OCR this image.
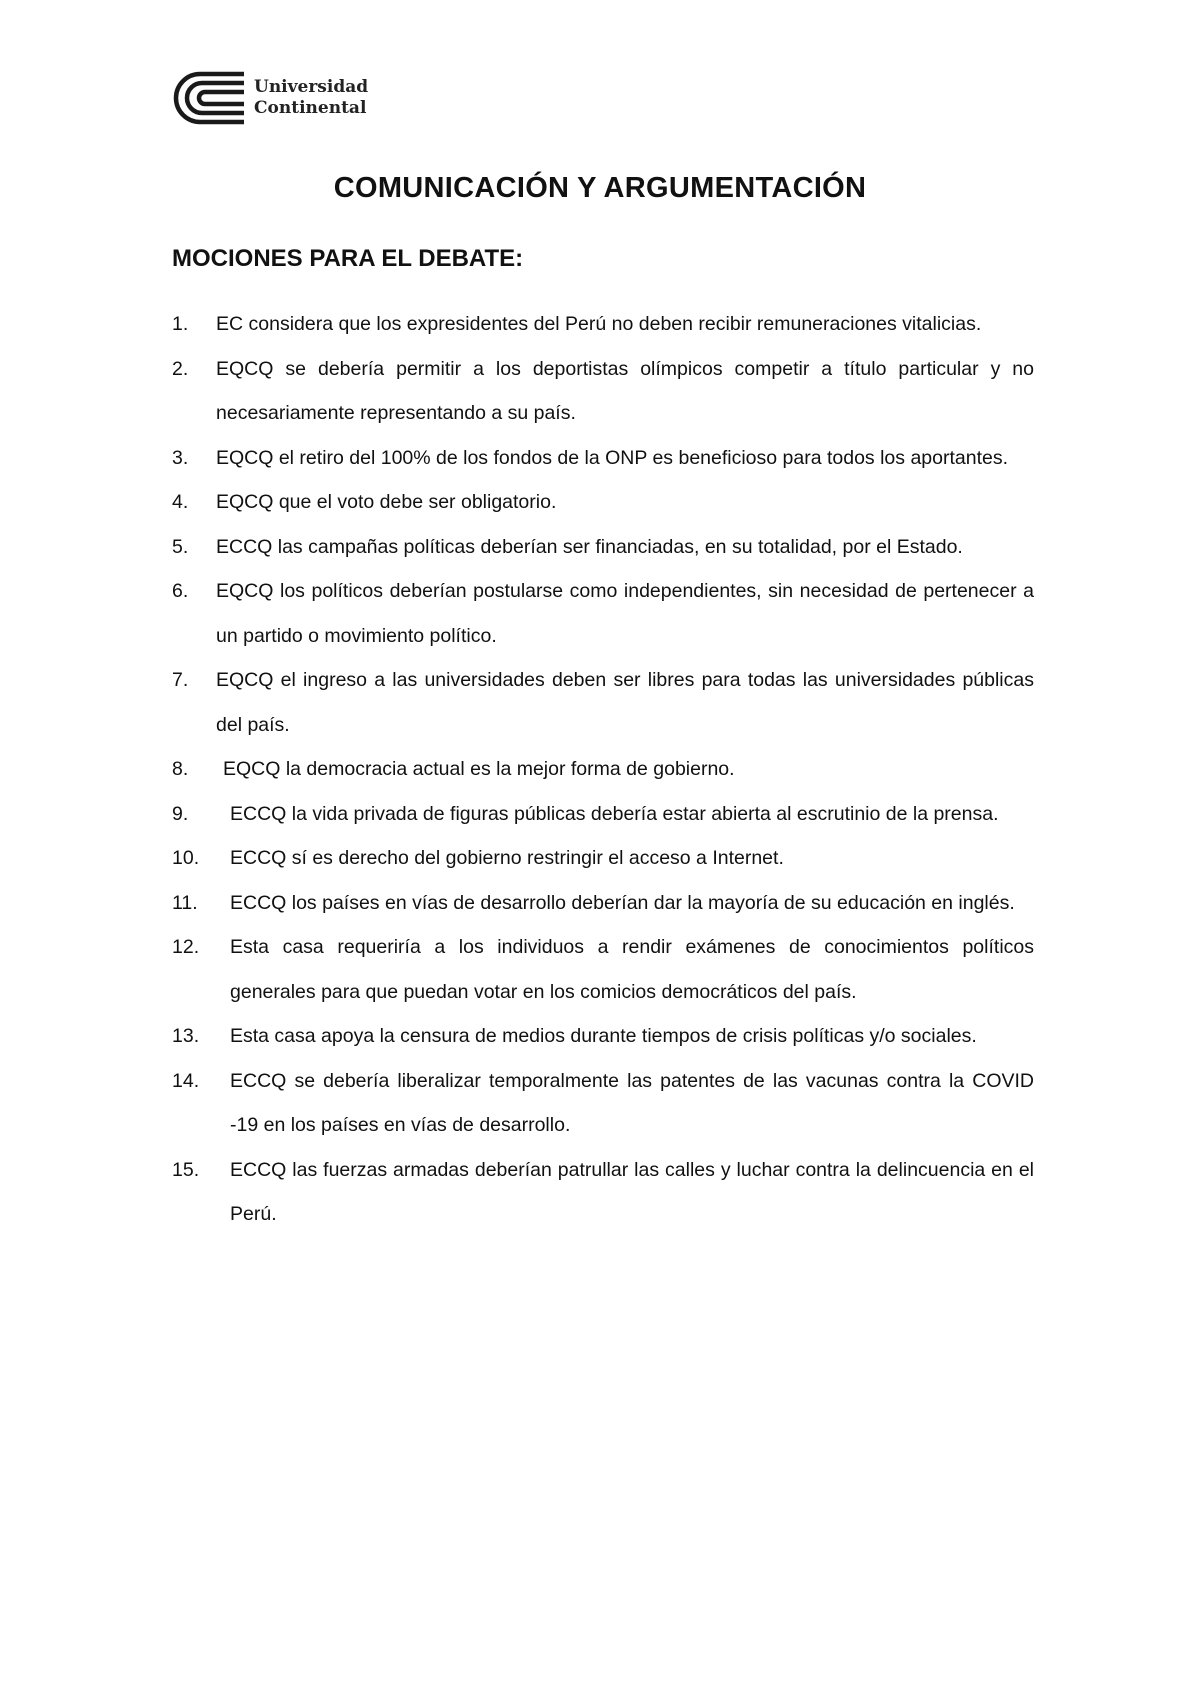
Universidad
Continental
COMUNICACIÓN Y ARGUMENTACIÓN
MOCIONES PARA EL DEBATE:
1. EC considera que los expresidentes del Perú no deben recibir remuneraciones vitalicias.
2. EQCQ se debería permitir a los deportistas olímpicos competir a título particular y no necesariamente representando a su país.
3. EQCQ el retiro del 100% de los fondos de la ONP es beneficioso para todos los aportantes.
4. EQCQ que el voto debe ser obligatorio.
5. ECCQ las campañas políticas deberían ser financiadas, en su totalidad, por el Estado.
6. EQCQ los políticos deberían postularse como independientes, sin necesidad de pertenecer a un partido o movimiento político.
7. EQCQ el ingreso a las universidades deben ser libres para todas las universidades públicas del país.
8.	EQCQ la democracia actual es la mejor forma de gobierno.
9. ECCQ la vida privada de figuras públicas debería estar abierta al escrutinio de la prensa.
10. ECCQ sí es derecho del gobierno restringir el acceso a Internet.
11. ECCQ los países en vías de desarrollo deberían dar la mayoría de su educación en inglés.
12. Esta casa requeriría a los individuos a rendir exámenes de conocimientos políticos generales para que puedan votar en los comicios democráticos del país.
13. Esta casa apoya la censura de medios durante tiempos de crisis políticas y/o sociales.
14. ECCQ se debería liberalizar temporalmente las patentes de las vacunas contra la COVID -19 en los países en vías de desarrollo.
15. ECCQ las fuerzas armadas deberían patrullar las calles y luchar contra la delincuencia en el Perú.
